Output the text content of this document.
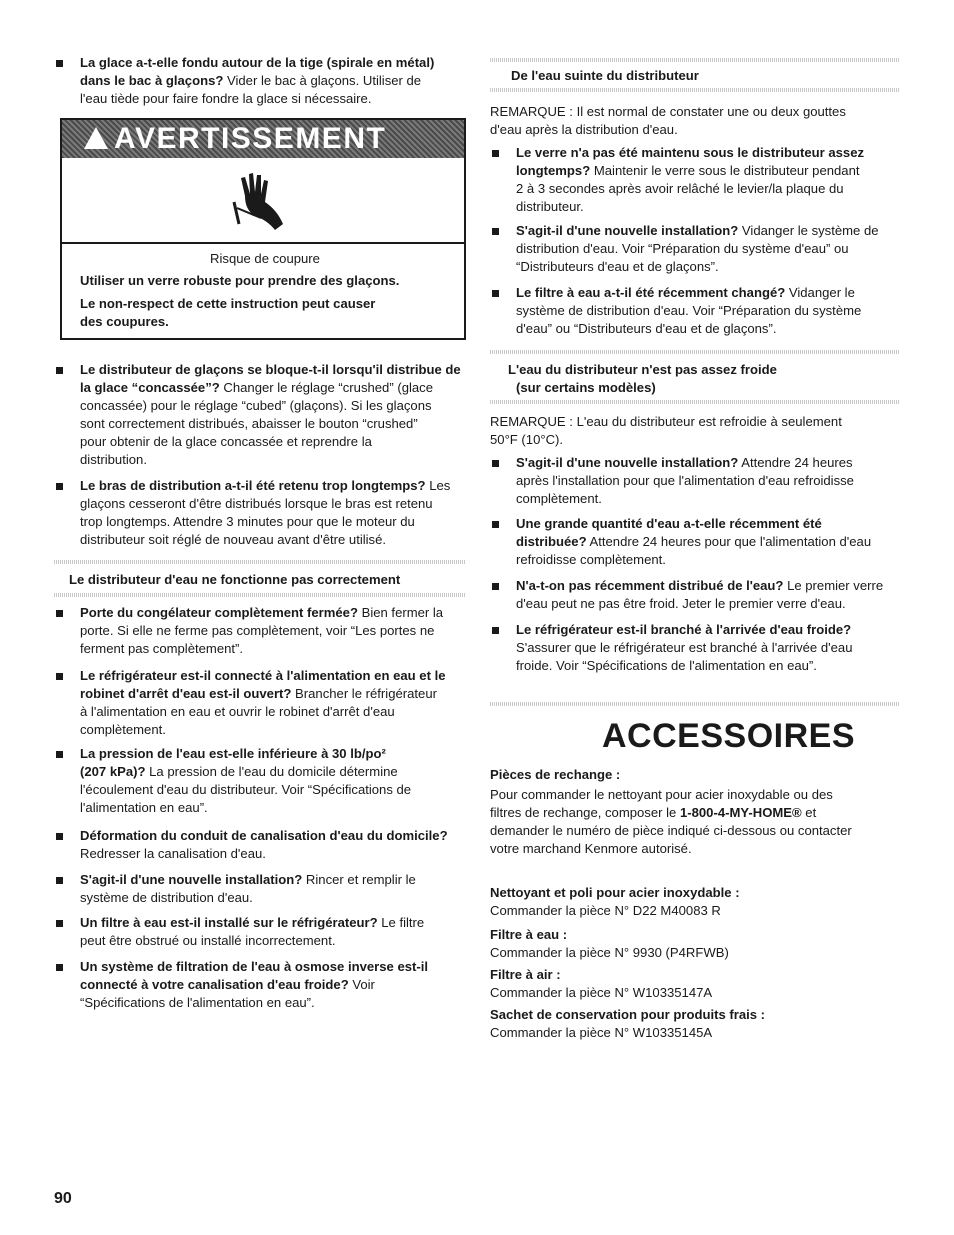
La glace a-t-elle fondu autour de la tige (spirale en métal)
dans le bac à glaçons? Vider le bac à glaçons. Utiliser de
l'eau tiède pour faire fondre la glace si nécessaire.
AVERTISSEMENT
Risque de coupure
Utiliser un verre robuste pour prendre des glaçons.
Le non-respect de cette instruction peut causer
des coupures.
Le distributeur de glaçons se bloque-t-il lorsqu'il distribue de
la glace “concassée”? Changer le réglage “crushed” (glace
concassée) pour le réglage “cubed” (glaçons). Si les glaçons
sont correctement distribués, abaisser le bouton “crushed”
pour obtenir de la glace concassée et reprendre la
distribution.
Le bras de distribution a-t-il été retenu trop longtemps? Les
glaçons cesseront d'être distribués lorsque le bras est retenu
trop longtemps. Attendre 3 minutes pour que le moteur du
distributeur soit réglé de nouveau avant d'être utilisé.
Le distributeur d'eau ne fonctionne pas correctement
Porte du congélateur complètement fermée? Bien fermer la
porte. Si elle ne ferme pas complètement, voir “Les portes ne
ferment pas complètement”.
Le réfrigérateur est-il connecté à l'alimentation en eau et le
robinet d'arrêt d'eau est-il ouvert? Brancher le réfrigérateur
à l'alimentation en eau et ouvrir le robinet d'arrêt d'eau
complètement.
La pression de l'eau est-elle inférieure à 30 lb/po²
(207 kPa)? La pression de l'eau du domicile détermine
l'écoulement d'eau du distributeur. Voir “Spécifications de
l'alimentation en eau”.
Déformation du conduit de canalisation d'eau du domicile?
Redresser la canalisation d'eau.
S'agit-il d'une nouvelle installation? Rincer et remplir le
système de distribution d'eau.
Un filtre à eau est-il installé sur le réfrigérateur? Le filtre
peut être obstrué ou installé incorrectement.
Un système de filtration de l'eau à osmose inverse est-il
connecté à votre canalisation d'eau froide? Voir
“Spécifications de l'alimentation en eau”.
De l'eau suinte du distributeur
REMARQUE : Il est normal de constater une ou deux gouttes
d'eau après la distribution d'eau.
Le verre n'a pas été maintenu sous le distributeur assez
longtemps? Maintenir le verre sous le distributeur pendant
2 à 3 secondes après avoir relâché le levier/la plaque du
distributeur.
S'agit-il d'une nouvelle installation? Vidanger le système de
distribution d'eau. Voir “Préparation du système d'eau” ou
“Distributeurs d'eau et de glaçons”.
Le filtre à eau a-t-il été récemment changé? Vidanger le
système de distribution d'eau. Voir “Préparation du système
d'eau” ou “Distributeurs d'eau et de glaçons”.
L'eau du distributeur n'est pas assez froide
(sur certains modèles)
REMARQUE : L'eau du distributeur est refroidie à seulement
50°F (10°C).
S'agit-il d'une nouvelle installation? Attendre 24 heures
après l'installation pour que l'alimentation d'eau refroidisse
complètement.
Une grande quantité d'eau a-t-elle récemment été
distribuée? Attendre 24 heures pour que l'alimentation d'eau
refroidisse complètement.
N'a-t-on pas récemment distribué de l'eau? Le premier verre
d'eau peut ne pas être froid. Jeter le premier verre d'eau.
Le réfrigérateur est-il branché à l'arrivée d'eau froide?
S'assurer que le réfrigérateur est branché à l'arrivée d'eau
froide. Voir “Spécifications de l'alimentation en eau”.
ACCESSOIRES
Pièces de rechange :
Pour commander le nettoyant pour acier inoxydable ou des
filtres de rechange, composer le 1-800-4-MY-HOME® et
demander le numéro de pièce indiqué ci-dessous ou contacter
votre marchand Kenmore autorisé.
Nettoyant et poli pour acier inoxydable :
Commander la pièce N° D22 M40083 R
Filtre à eau :
Commander la pièce N° 9930 (P4RFWB)
Filtre à air :
Commander la pièce N° W10335147A
Sachet de conservation pour produits frais :
Commander la pièce N° W10335145A
90
